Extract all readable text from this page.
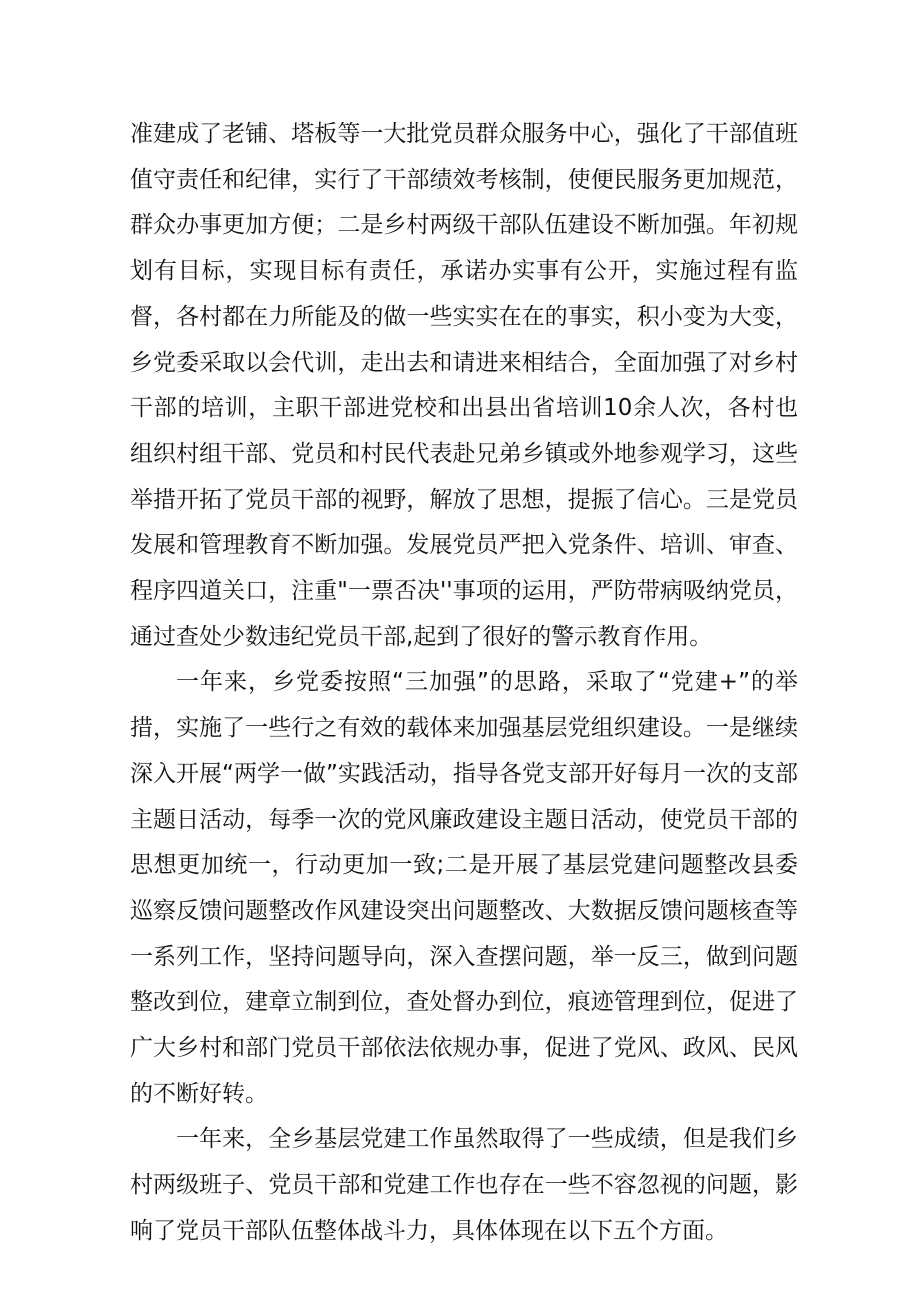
准建成了老铺、塔板等一大批党员群众服务中心，强化了干部值班值守责任和纪律，实行了干部绩效考核制，使便民服务更加规范，群众办事更加方便；二是乡村两级干部队伍建设不断加强。年初规划有目标，实现目标有责任，承诺办实事有公开，实施过程有监督，各村都在力所能及的做一些实实在在的事实，积小变为大变，乡党委采取以会代训，走出去和请进来相结合，全面加强了对乡村干部的培训，主职干部进党校和出县出省培训10余人次，各村也组织村组干部、党员和村民代表赴兄弟乡镇或外地参观学习，这些举措开拓了党员干部的视野，解放了思想，提振了信心。三是党员发展和管理教育不断加强。发展党员严把入党条件、培训、审查、程序四道关口，注重"一票否决''事项的运用，严防带病吸纳党员，通过查处少数违纪党员干部,起到了很好的警示教育作用。

一年来，乡党委按照“三加强”的思路，采取了“党建+”的举措，实施了一些行之有效的载体来加强基层党组织建设。一是继续深入开展“两学一做”实践活动，指导各党支部开好每月一次的支部主题日活动，每季一次的党风廉政建设主题日活动，使党员干部的思想更加统一，行动更加一致;二是开展了基层党建问题整改县委巡察反馈问题整改作风建设突出问题整改、大数据反馈问题核查等一系列工作，坚持问题导向，深入查摆问题，举一反三，做到问题整改到位，建章立制到位，查处督办到位，痕迹管理到位，促进了广大乡村和部门党员干部依法依规办事，促进了党风、政风、民风的不断好转。

一年来，全乡基层党建工作虽然取得了一些成绩，但是我们乡村两级班子、党员干部和党建工作也存在一些不容忽视的问题，影响了党员干部队伍整体战斗力，具体体现在以下五个方面。
